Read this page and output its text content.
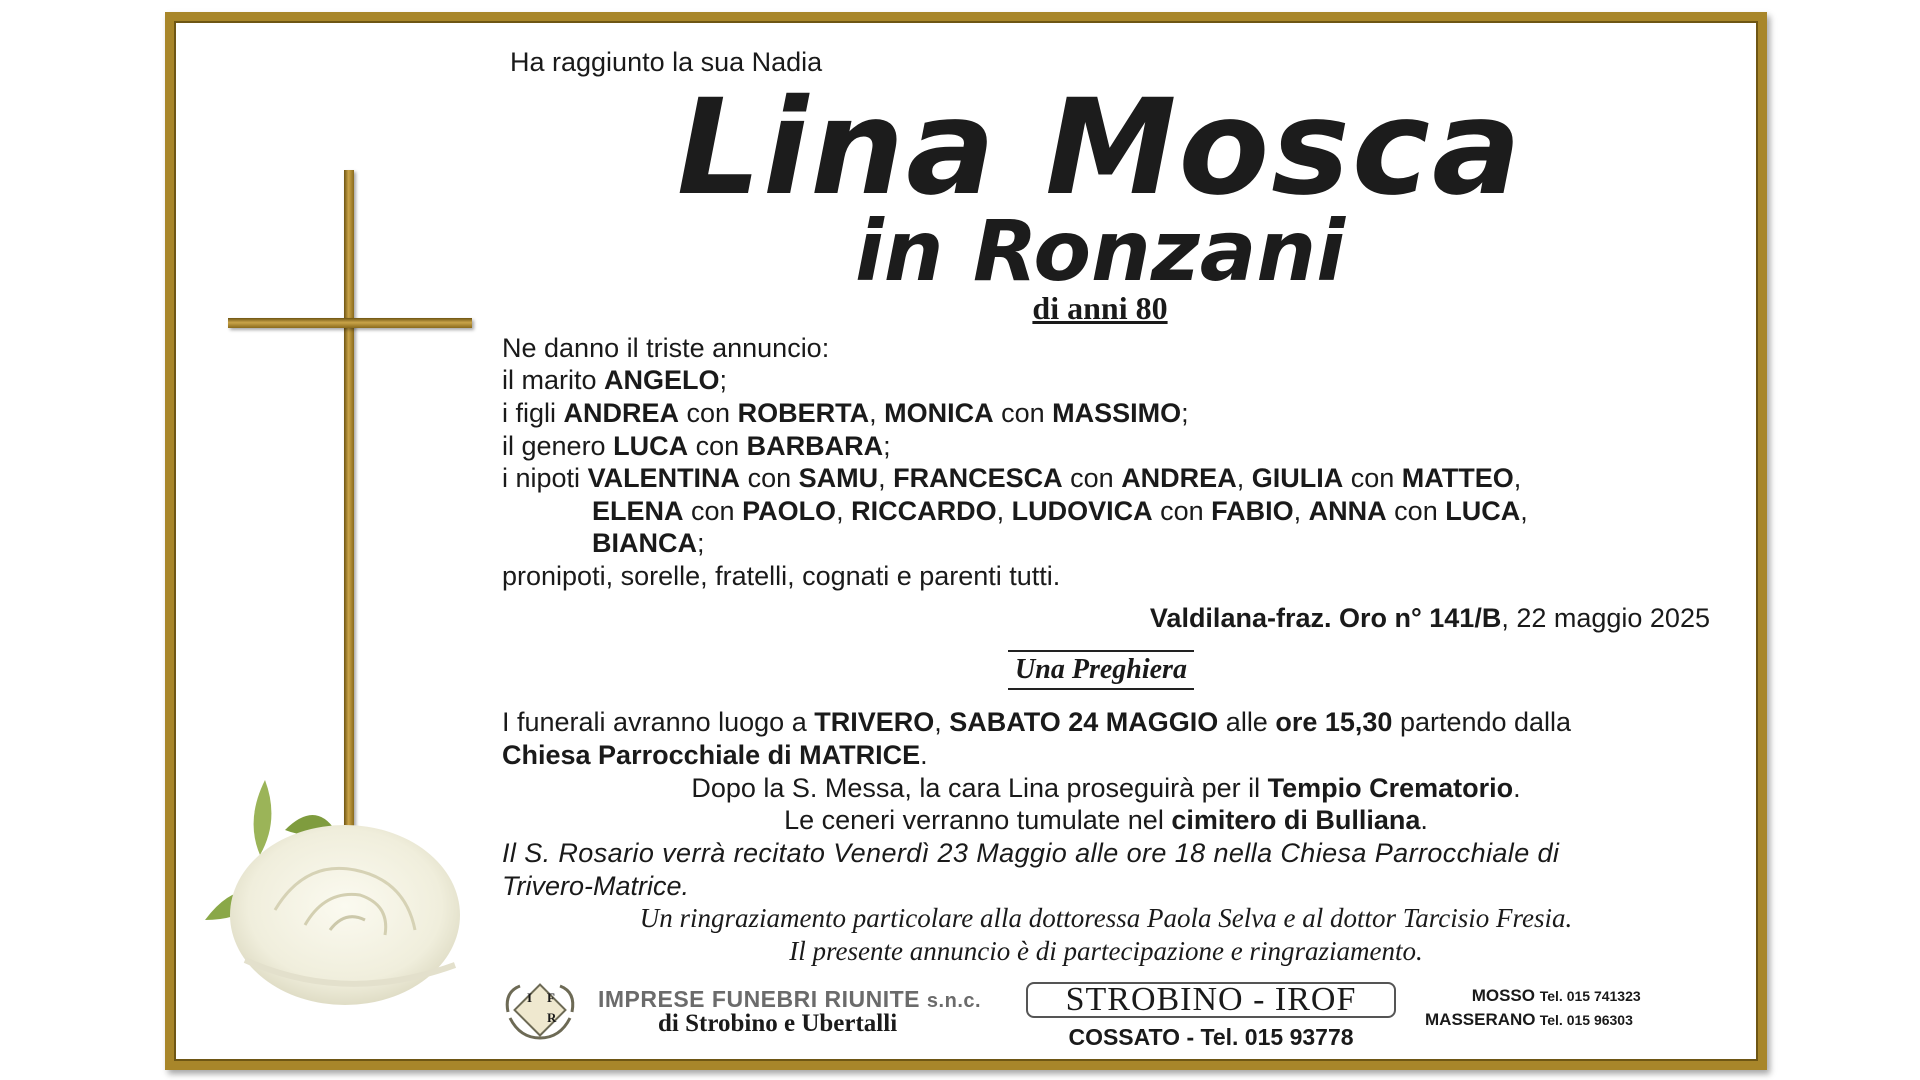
Ha raggiunto la sua Nadia
Lina Mosca
in Ronzani
di anni 80
Ne danno il triste annuncio:
il marito ANGELO;
i figli ANDREA con ROBERTA, MONICA con MASSIMO;
il genero LUCA con BARBARA;
i nipoti VALENTINA con SAMU, FRANCESCA con ANDREA, GIULIA con MATTEO,
ELENA con PAOLO, RICCARDO, LUDOVICA con FABIO, ANNA con LUCA,
BIANCA;
pronipoti, sorelle, fratelli, cognati e parenti tutti.
Valdilana-fraz. Oro n° 141/B, 22 maggio 2025
Una Preghiera
I funerali avranno luogo a TRIVERO, SABATO 24 MAGGIO alle ore 15,30 partendo dalla
Chiesa Parrocchiale di MATRICE.
Dopo la S. Messa, la cara Lina proseguirà per il Tempio Crematorio.
Le ceneri verranno tumulate nel cimitero di Bulliana.
Il S. Rosario verrà recitato Venerdì 23 Maggio alle ore 18 nella Chiesa Parrocchiale di
Trivero-Matrice.
Un ringraziamento particolare alla dottoressa Paola Selva e al dottor Tarcisio Fresia.
Il presente annuncio è di partecipazione e ringraziamento.
I F
R
IMPRESE FUNEBRI RIUNITE s.n.c.
di Strobino e Ubertalli
STROBINO - IROF
COSSATO - Tel. 015 93778
MOSSO Tel. 015 741323
MASSERANO Tel. 015 96303
